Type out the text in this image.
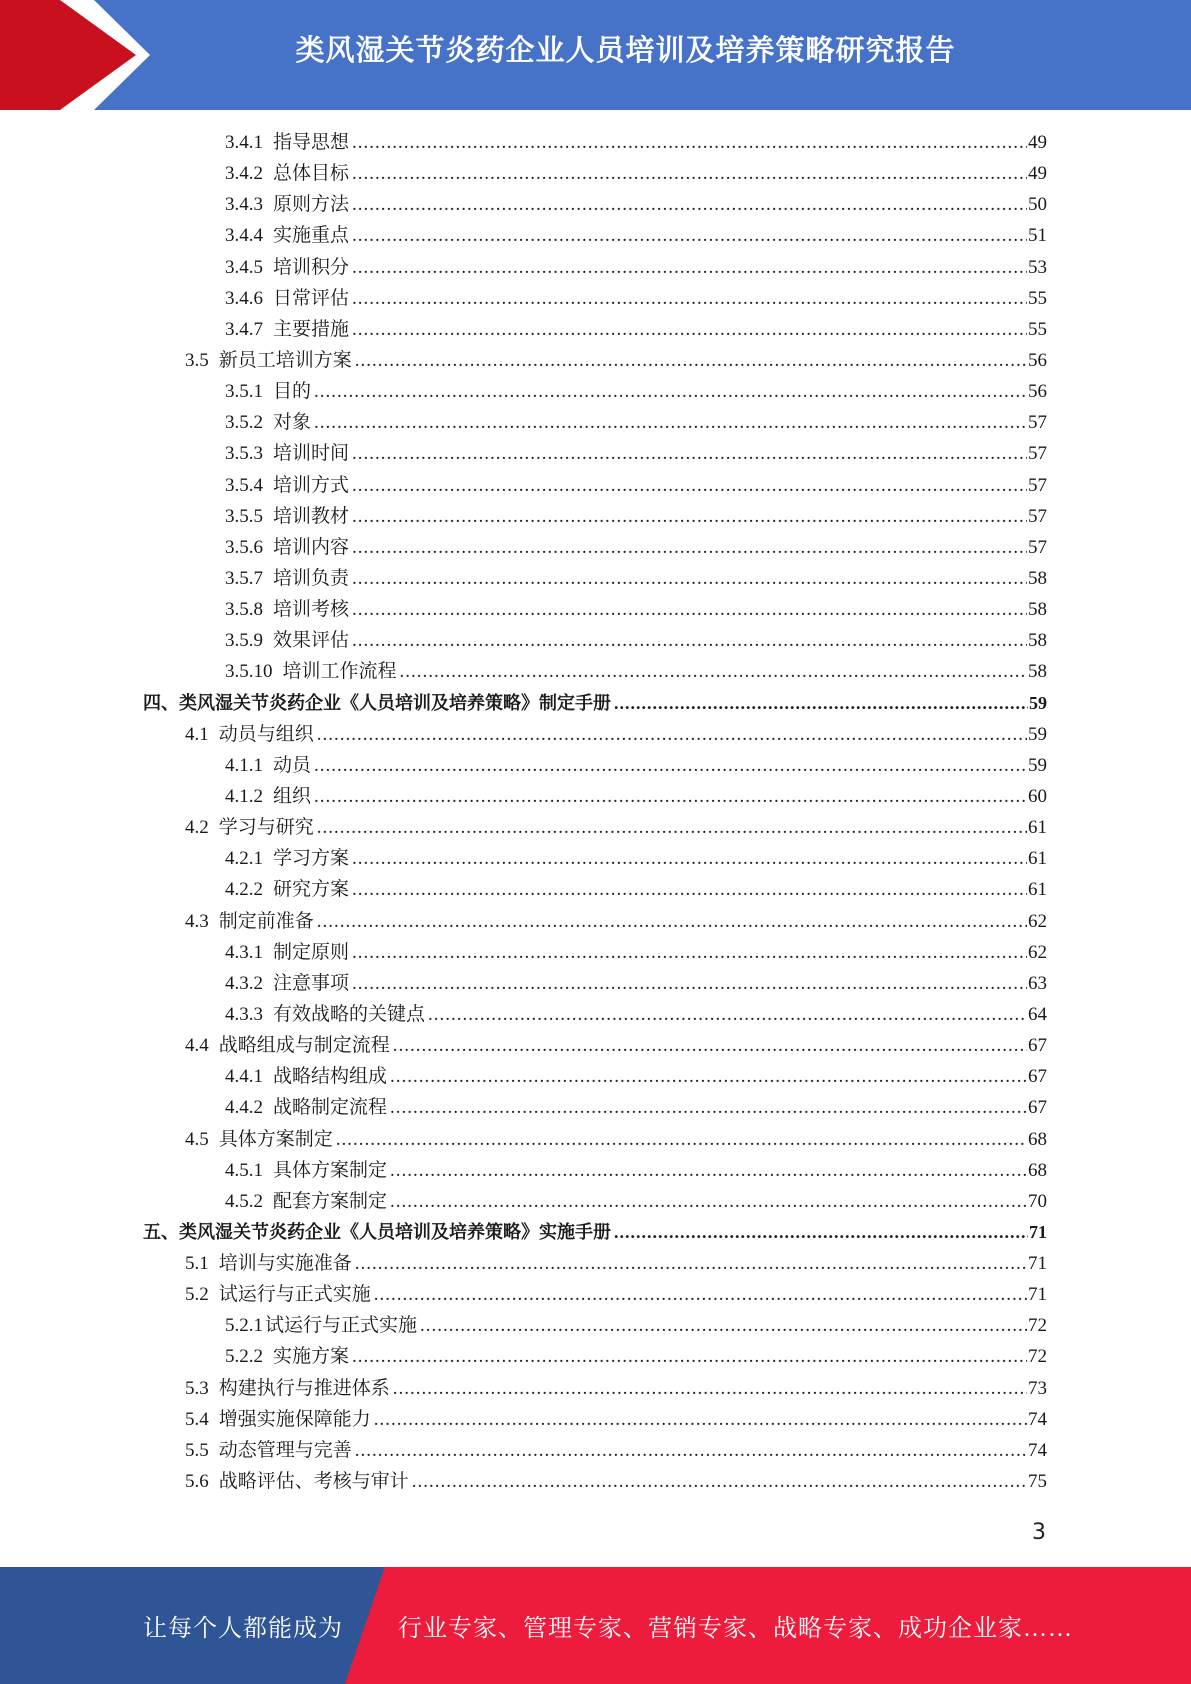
类风湿关节炎药企业人员培训及培养策略研究报告
3.4.1 指导思想 .....	49
3.4.2 总体目标 .....	49
3.4.3 原则方法 .....	50
3.4.4 实施重点 .....	51
3.4.5 培训积分 .....	53
3.4.6 日常评估 .....	55
3.4.7 主要措施 .....	55
3.5 新员工培训方案 .....	56
3.5.1 目的 .....	56
3.5.2 对象 .....	57
3.5.3 培训时间 .....	57
3.5.4 培训方式 .....	57
3.5.5 培训教材 .....	57
3.5.6 培训内容 .....	57
3.5.7 培训负责 .....	58
3.5.8 培训考核 .....	58
3.5.9 效果评估 .....	58
3.5.10 培训工作流程 .....	58
四、类风湿关节炎药企业《人员培训及培养策略》制定手册 .....	59
4.1 动员与组织 .....	59
4.1.1 动员 .....	59
4.1.2 组织 .....	60
4.2 学习与研究 .....	61
4.2.1 学习方案 .....	61
4.2.2 研究方案 .....	61
4.3 制定前准备 .....	62
4.3.1 制定原则 .....	62
4.3.2 注意事项 .....	63
4.3.3 有效战略的关键点 .....	64
4.4 战略组成与制定流程 .....	67
4.4.1 战略结构组成 .....	67
4.4.2 战略制定流程 .....	67
4.5 具体方案制定 .....	68
4.5.1 具体方案制定 .....	68
4.5.2 配套方案制定 .....	70
五、类风湿关节炎药企业《人员培训及培养策略》实施手册 .....	71
5.1 培训与实施准备 .....	71
5.2 试运行与正式实施 .....	71
5.2.1 试运行与正式实施 .....	72
5.2.2 实施方案 .....	72
5.3 构建执行与推进体系 .....	73
5.4 增强实施保障能力 .....	74
5.5 动态管理与完善 .....	74
5.6 战略评估、考核与审计 .....	75
3
让每个人都能成为 行业专家、管理专家、营销专家、战略专家、成功企业家……
